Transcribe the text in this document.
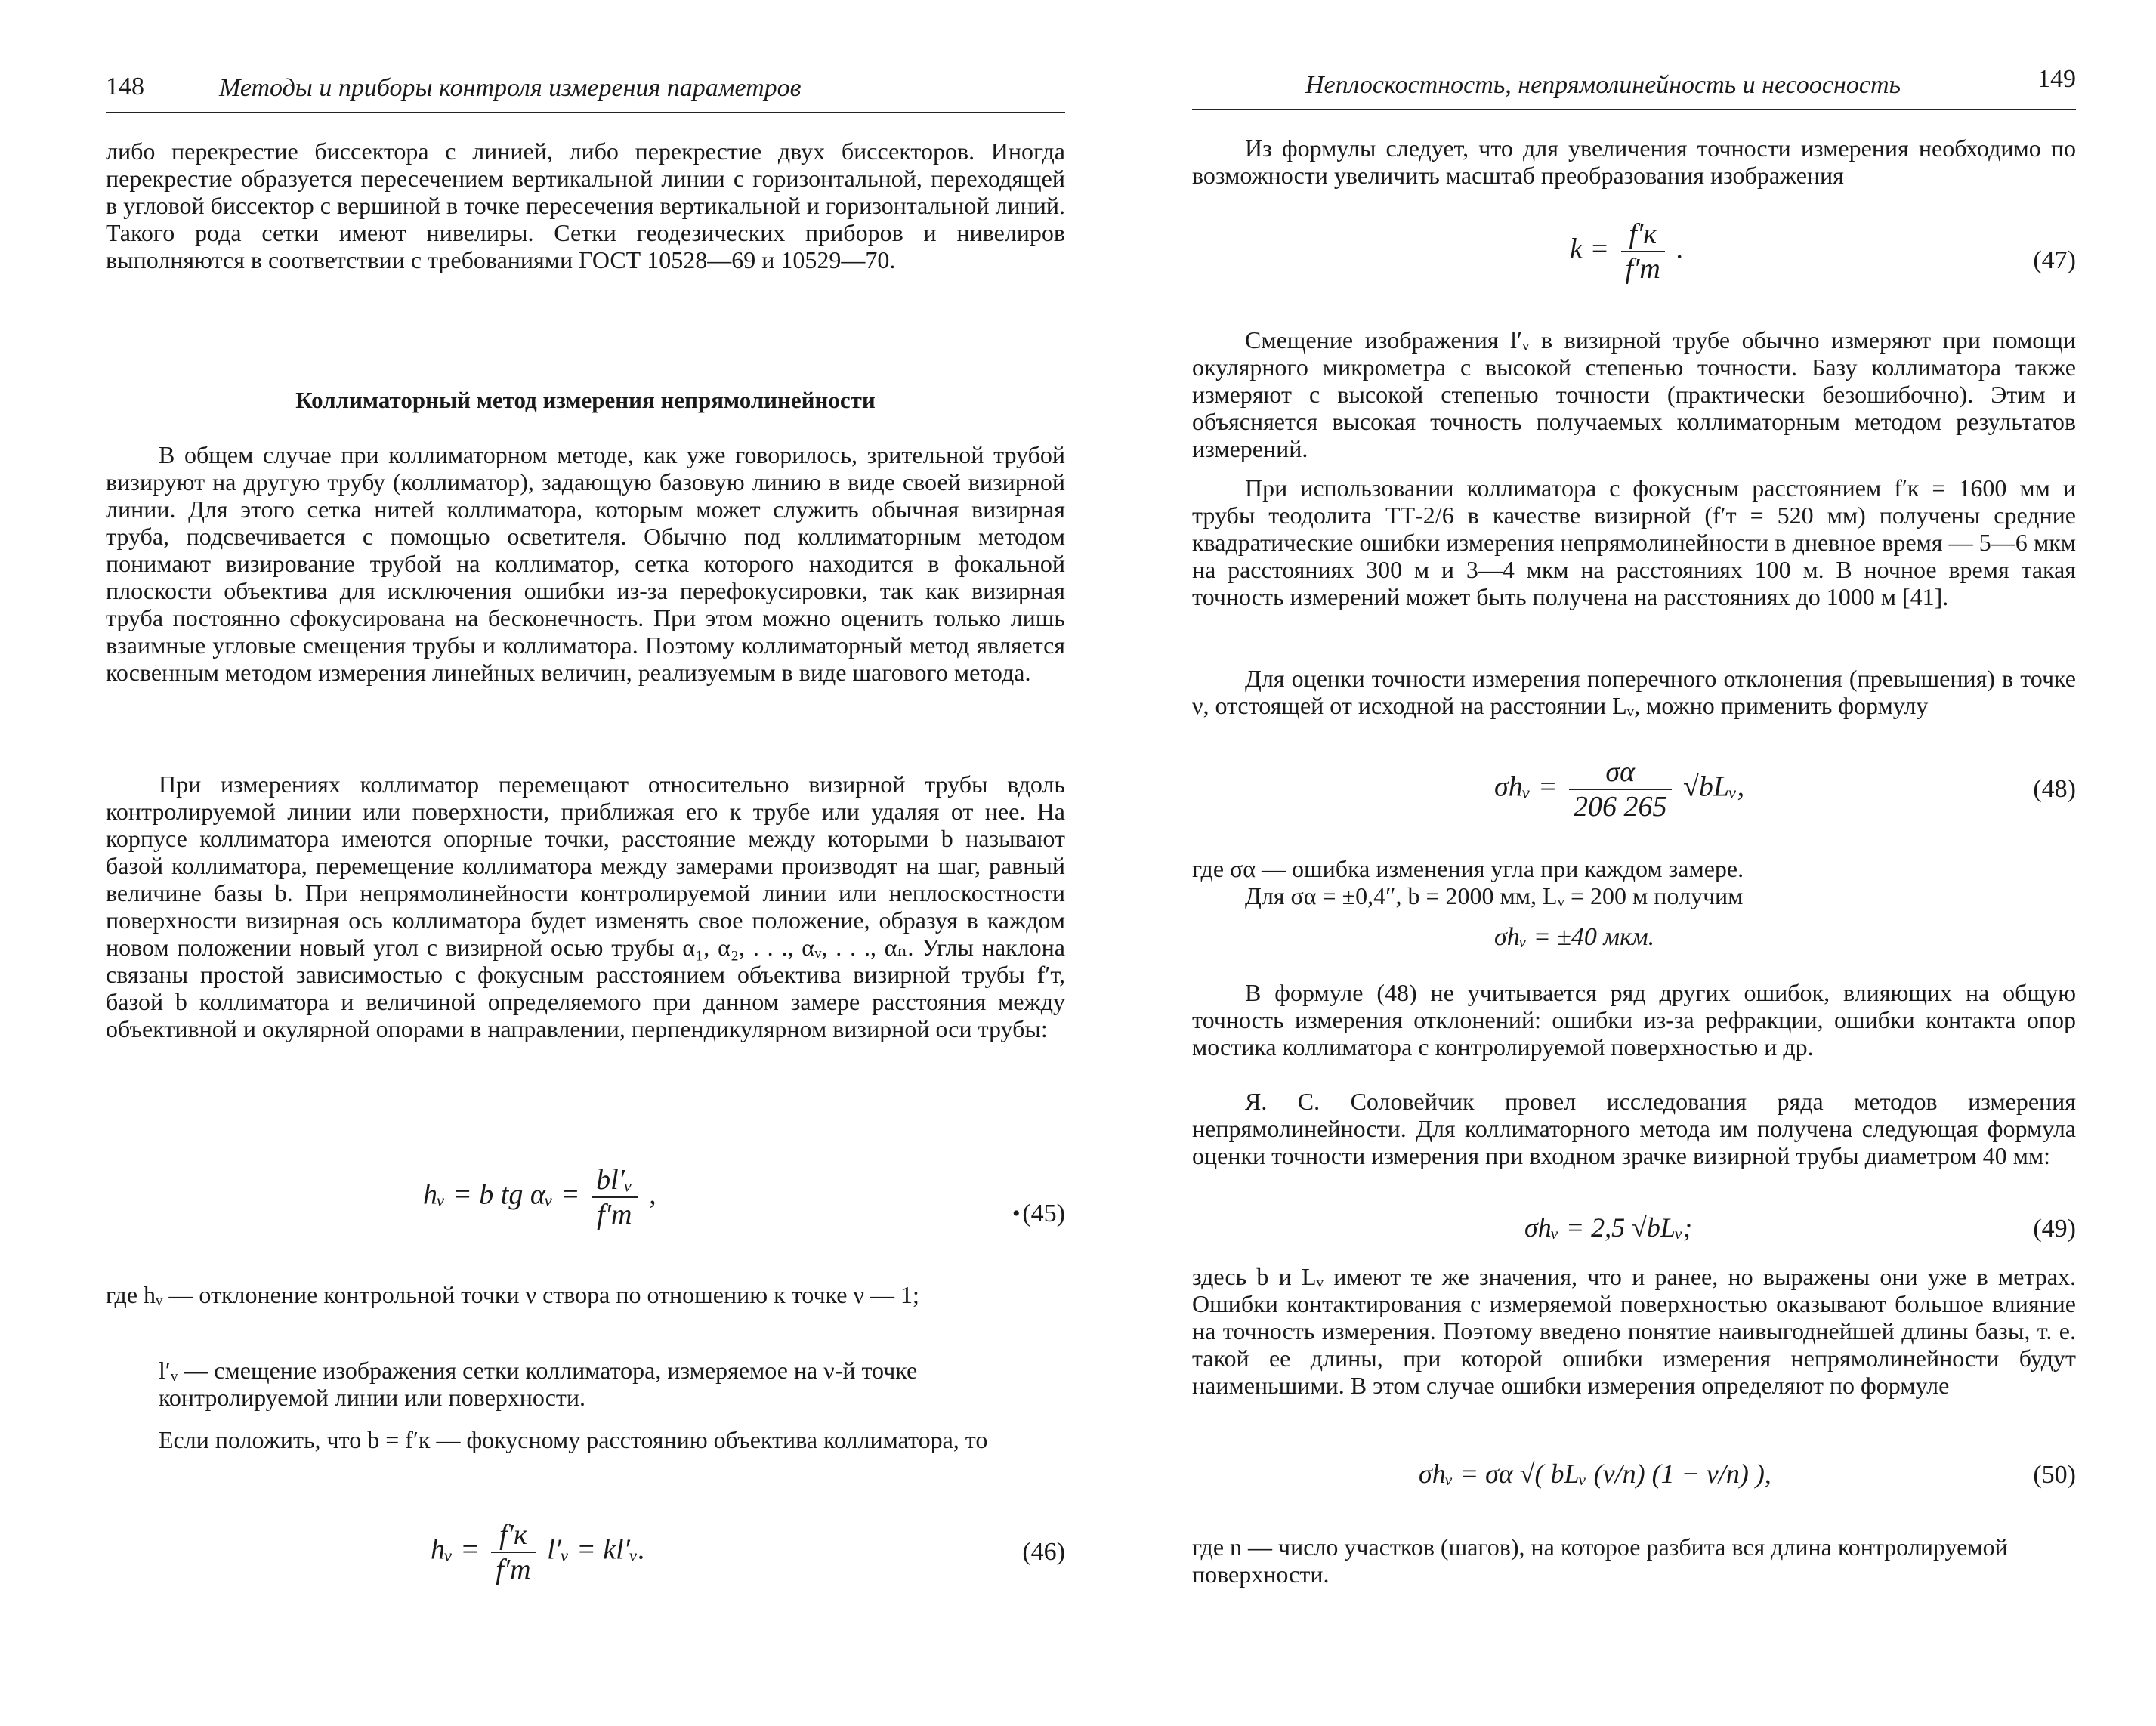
148	Методы и приборы контроля измерения параметров

либо перекрестие биссектора с линией, либо перекрестие двух биссекторов. Иногда перекрестие образуется пересечением вертикальной линии с горизонтальной, переходящей в угловой биссектор с вершиной в точке пересечения вертикальной и горизонтальной линий. Такого рода сетки имеют нивелиры. Сетки геодезических приборов и нивелиров выполняются в соответствии с требованиями ГОСТ 10528—69 и 10529—70.

Коллиматорный метод измерения непрямолинейности

В общем случае при коллиматорном методе, как уже говорилось, зрительной трубой визируют на другую трубу (коллиматор), задающую базовую линию в виде своей визирной линии. Для этого сетка нитей коллиматора, которым может служить обычная визирная труба, подсвечивается с помощью осветителя. Обычно под коллиматорным методом понимают визирование трубой на коллиматор, сетка которого находится в фокальной плоскости объектива для исключения ошибки из-за перефокусировки, так как визирная труба постоянно сфокусирована на бесконечность. При этом можно оценить только лишь взаимные угловые смещения трубы и коллиматора. Поэтому коллиматорный метод является косвенным методом измерения линейных величин, реализуемым в виде шагового метода.

При измерениях коллиматор перемещают относительно визирной трубы вдоль контролируемой линии или поверхности, приближая его к трубе или удаляя от нее. На корпусе коллиматора имеются опорные точки, расстояние между которыми b называют базой коллиматора, перемещение коллиматора между замерами производят на шаг, равный величине базы b. При непрямолинейности контролируемой линии или неплоскостности поверхности визирная ось коллиматора будет изменять свое положение, образуя в каждом новом положении новый угол с визирной осью трубы α₁, α₂, . . ., αᵥ, . . ., αₙ. Углы наклона связаны простой зависимостью с фокусным расстоянием объектива визирной трубы f′т, базой b коллиматора и величиной определяемого при данном замере расстояния между объективной и окулярной опорами в направлении, перпендикулярном визирной оси трубы:

hᵥ = b tg αᵥ = $\frac{\text{bl′ᵥ}}{f'т}$ ,
(45)
•
где hᵥ — отклонение контрольной точки ν створа по отношению к точке ν — 1;
l′ᵥ — смещение изображения сетки коллиматора, измеряемое на ν-й точке контролируемой линии или поверхности.

Если положить, что b = f′к — фокусному расстоянию объектива коллиматора, то

hᵥ = $\frac{f'к}{f'т}$ l′ᵥ = kl′ᵥ.	(46)
Неплоскостность, непрямолинейность и несоосность	149

Из формулы следует, что для увеличения точности измерения необходимо по возможности увеличить масштаб преобразования изображения

$k = \frac{f'к}{f'т}$ .	(47)

Смещение изображения l′ᵥ в визирной трубе обычно измеряют при помощи окулярного микрометра с высокой степенью точности. Базу коллиматора также измеряют с высокой степенью точности (практически безошибочно). Этим и объясняется высокая точность получаемых коллиматорным методом результатов измерений.

При использовании коллиматора с фокусным расстоянием f′к = 1600 мм и трубы теодолита ТТ-2/6 в качестве визирной (f′т = 520 мм) получены средние квадратические ошибки измерения непрямолинейности в дневное время — 5—6 мкм на расстояниях 300 м и 3—4 мкм на расстояниях 100 м. В ночное время такая точность измерений может быть получена на расстояниях до 1000 м [41].

Для оценки точности измерения поперечного отклонения (превышения) в точке ν, отстоящей от исходной на расстоянии Lᵥ, можно применить формулу

σhᵥ = $\frac{\sigma\alpha}{206 265}$ √bLᵥ,	(48)

где σα — ошибка изменения угла при каждом замере.

Для σα = ±0,4″, b = 2000 мм, Lᵥ = 200 м получим

σhᵥ = ±40 мкм.

В формуле (48) не учитывается ряд других ошибок, влияющих на общую точность измерения отклонений: ошибки из-за рефракции, ошибки контакта опор мостика коллиматора с контролируемой поверхностью и др.

Я. С. Соловейчик провел исследования ряда методов измерения непрямолинейности. Для коллиматорного метода им получена следующая формула оценки точности измерения при входном зрачке визирной трубы диаметром 40 мм:

σhᵥ = 2,5 √bLᵥ;	(49)

здесь b и Lᵥ имеют те же значения, что и ранее, но выражены они уже в метрах. Ошибки контактирования с измеряемой поверхностью оказывают большое влияние на точность измерения. Поэтому введено понятие наивыгоднейшей длины базы, т. е. такой ее длины, при которой ошибки измерения непрямолинейности будут наименьшими. В этом случае ошибки измерения определяют по формуле

σhᵥ = σα √( bLᵥ (ν/n) (1 − ν/n) ),	(50)
где n — число участков (шагов), на которое разбита вся длина контролируемой поверхности.
